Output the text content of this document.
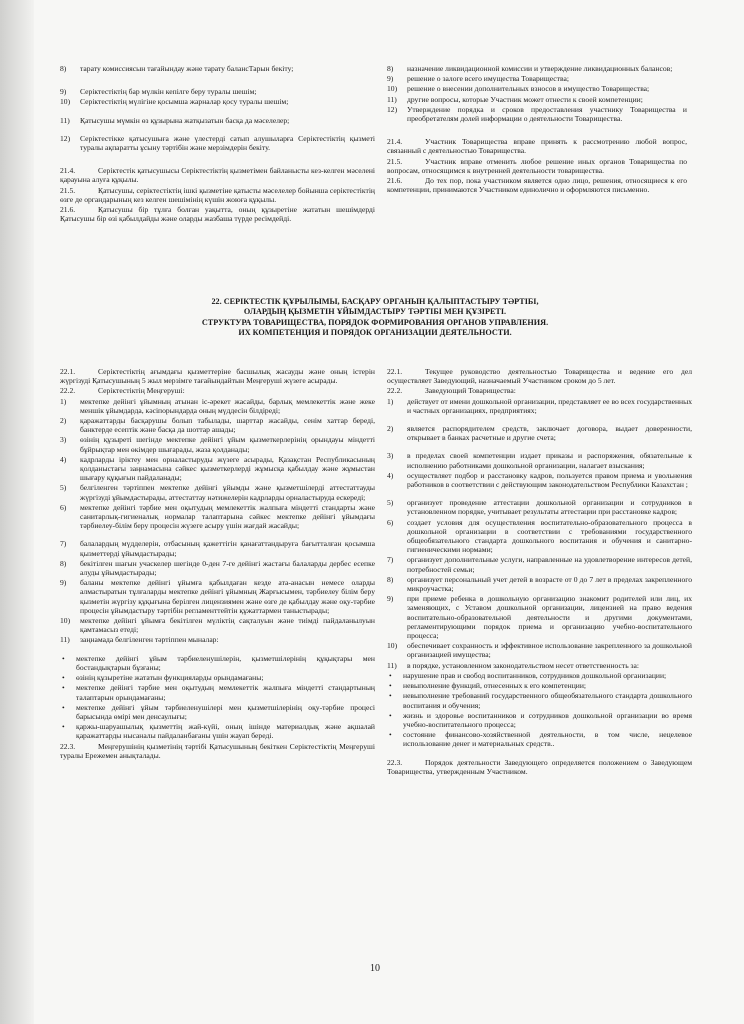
8)	тарату комиссиясын тағайындау және тарату балансТарын бекіту;
9)	Серіктестіктің бар мүлкін кепілге беру туралы шешім;
10)	Серіктестіктің мүлігіне қосымша жарналар қосу туралы шешім;
11)	Қатысушы мүмкін өз құзырына жатқызатын басқа да мәселелер;
12)	Серіктестікке қатысушыға және үлестерді сатып алушыларға Серіктестіктің қызметі туралы ақпаратты ұсыну тәртібін және мерзімдерін бекіту.
21.4.	Серіктестік қатысушысы Серіктестіктің қызметімен байланысты кез-келген мәселені қарауына алуға құқылы.
21.5.	Қатысушы, серіктестіктің ішкі қызметіне қатысты мәселелер бойынша серіктестіктің өзге де органдарының кез келген шешімінің күшін жоюға құқылы.
21.6.	Қатысушы бір тұлға болған уақытта, оның құзыретіне жататын шешімдерді Қатысушы бір өзі қабылдайды және оларды жазбаша түрде ресімдейді.
8)	назначение ликвидационной комиссии и утверждение ликвидационных балансов;
9)	решение о залоге всего имущества Товарищества;
10)	решение о внесении дополнительных взносов в имущество Товарищества;
11)	другие вопросы, которые Участник может отнести к своей компетенции;
12)	Утверждение порядка и сроков предоставления участнику Товарищества и преобретателям долей информации о деятельности Товарищества.
21.4.	Участник Товарищества вправе принять к рассмотрению любой вопрос, связанный с деятельностью Товарищества.
21.5.	Участник вправе отменить любое решение иных органов Товарищества по вопросам, относящимся к внутренней деятельности товарищества.
21.6.	До тех пор, пока участником является одно лицо, решения, относящиеся к его компетенции, принимаются Участником единолично и оформляются письменно.
22. СЕРІКТЕСТІК ҚҰРЫЛЫМЫ, БАСҚАРУ ОРГАНЫН ҚАЛЫПТАСТЫРУ ТӘРТІБІ,
ОЛАРДЫҢ ҚЫЗМЕТІН ҰЙЫМДАСТЫРУ ТӘРТІБІ МЕН ҚҰЗІРЕТІ.
СТРУКТУРА ТОВАРИЩЕСТВА, ПОРЯДОК ФОРМИРОВАНИЯ ОРГАНОВ УПРАВЛЕНИЯ.
ИХ КОМПЕТЕНЦИЯ И ПОРЯДОК ОРГАНИЗАЦИИ ДЕЯТЕЛЬНОСТИ.
22.1.	Серіктестіктің ағымдағы қызметтеріне басшылық жасауды және оның істерін жүргізуді Қатысушының 5 жыл мерзімге тағайындайтын Меңгеруші жүзеге асырады.
22.2.	Серіктестіктің Меңгеруші:
1)	мектепке дейінгі ұйымның атынан іс-әрекет жасайды, барлық мемлекеттік және жеке меншік ұйымдарда, кәсіпорындарда оның мүддесін білдіреді;
2)	қаражаттарды басқарушы болып табылады, шарттар жасайды, сенім хаттар береді, банктерде есептік және басқа да шоттар ашады;
3)	өзінің құзыреті шегінде мектепке дейінгі ұйым қызметкерлерінің орындауы міндетті бұйрықтар мен өкімдер шығарады, жаза қолданады;
4)	кадрларды іріктеу мен орналастыруды жүзеге асырады, Қазақстан Республикасының қолданыстағы заңнамасына сәйкес қызметкерлерді жұмысқа қабылдау және жұмыстан шығару құқығын пайдаланады;
5)	белгіленген тәртіппен мектепке дейінгі ұйымды және қызметшілерді аттестаттауды жүргізуді ұйымдастырады, аттестаттау нәтижелерін кадрларды орналастыруда ескереді;
6)	мектепке дейінгі тәрбие мен оқытудың мемлекеттік жалпыға міндетті стандарты және санитарлық-гигиеналық нормалар талаптарына сәйкес мектепке дейінгі ұйымдағы тәрбиелеу-білім беру процесін жүзеге асыру үшін жағдай жасайды;
7)	балалардың мүдделерін, отбасының қажеттігін қанағаттандыруға бағытталған қосымша қызметтерді ұйымдастырады;
8)	бекітілген шағын учаскелер шегінде 0-ден 7-ге дейінгі жастағы балаларды дербес есепке алуды ұйымдастырады;
9)	баланы мектепке дейінгі ұйымға қабылдаған кезде ата-анасын немесе оларды алмастыратын тұлғаларды мектепке дейінгі ұйымның Жарғысымен, тәрбиелеу білім беру қызметін жүргізу құқығына берілген лицензиямен және өзге де қабылдау және оқу-тәрбие процесін ұйымдастыру тәртібін регламенттейтін құжаттармен таныстырады;
10)	мектепке дейінгі ұйымға бекітілген мүліктің сақталуын және тиімді пайдаланылуын қамтамасыз етеді;
11)	заңнамада белгіленген тәртіппен мыналар:
•	мектепке дейінгі ұйым тәрбиеленушілерін, қызметшілерінің құқықтары мен бостандықтарын бұзғаны;
•	өзінің құзыретіне жататын функцияларды орындамағаны;
•	мектепке дейінгі тәрбие мен оқытудың мемлекеттік жалпыға міндетті стандартының талаптарын орындамағаны;
•	мектепке дейінгі ұйым тәрбиеленушілері мен қызметшілерінің оқу-тәрбие процесі барысында өмірі мен денсаулығы;
•	қаржы-шаруашылық қызметтің жай-күйі, оның ішінде материалдық және ақшалай қаражаттарды нысаналы пайдаланбағаны үшін жауап береді.
22.3.	Меңгерушінің қызметінің тәртібі Қатысушының бекіткен Серіктестіктің Меңгеруші туралы Ережемен анықталады.
22.1.	Текущее руководство деятельностью Товарищества и ведение его дел осуществляет Заведующий, назначаемый Участником сроком до 5 лет.
22.2.	Заведующий Товарищества:
1)	действует от имени дошкольной организации, представляет ее во всех государственных и частных организациях, предприятиях;
2)	является распорядителем средств, заключает договора, выдает доверенности, открывает в банках расчетные и другие счета;
3)	в пределах своей компетенции издает приказы и распоряжения, обязательные к исполнению работниками дошкольной организации, налагает взыскания;
4)	осуществляет подбор и расстановку кадров, пользуется правом приема и увольнения работников в соответствии с действующим законодательством Республики Казахстан ;
5)	организует проведение аттестации дошкольной организации и сотрудников в установленном порядке, учитывает результаты аттестации при расстановке кадров;
6)	создает условия для осуществления воспитательно-образовательного процесса в дошкольной организации в соответствии с требованиями государственного общеобязательного стандарта дошкольного воспитания и обучения и санитарно-гигиеническими нормами;
7)	организует дополнительные услуги, направленные на удовлетворение интересов детей, потребностей семьи;
8)	организует персональный учет детей в возрасте от 0 до 7 лет в пределах закрепленного микроучастка;
9)	при приеме ребенка в дошкольную организацию знакомит родителей или лиц, их заменяющих, с Уставом дошкольной организации, лицензией на право ведения воспитательно-образовательной деятельности и другими документами, регламентирующими порядок приема и организацию учебно-воспитательного процесса;
10)	обеспечивает сохранность и эффективное использование закрепленного за дошкольной организацией имущества;
11)	в порядке, установленном законодательством несет ответственность за:
•	нарушение прав и свобод воспитанников, сотрудников дошкольной организации;
•	невыполнение функций, отнесенных к его компетенции;
•	невыполнение требований государственного общеобязательного стандарта дошкольного воспитания и обучения;
•	жизнь и здоровье воспитанников и сотрудников дошкольной организации во время учебно-воспитательного процесса;
•	состояние финансово-хозяйственной деятельности, в том числе, нецелевое использование денег и материальных средств..
22.3.	Порядок деятельности Заведующего определяется положением о Заведующем Товарищества, утвержденным Участником.
10
